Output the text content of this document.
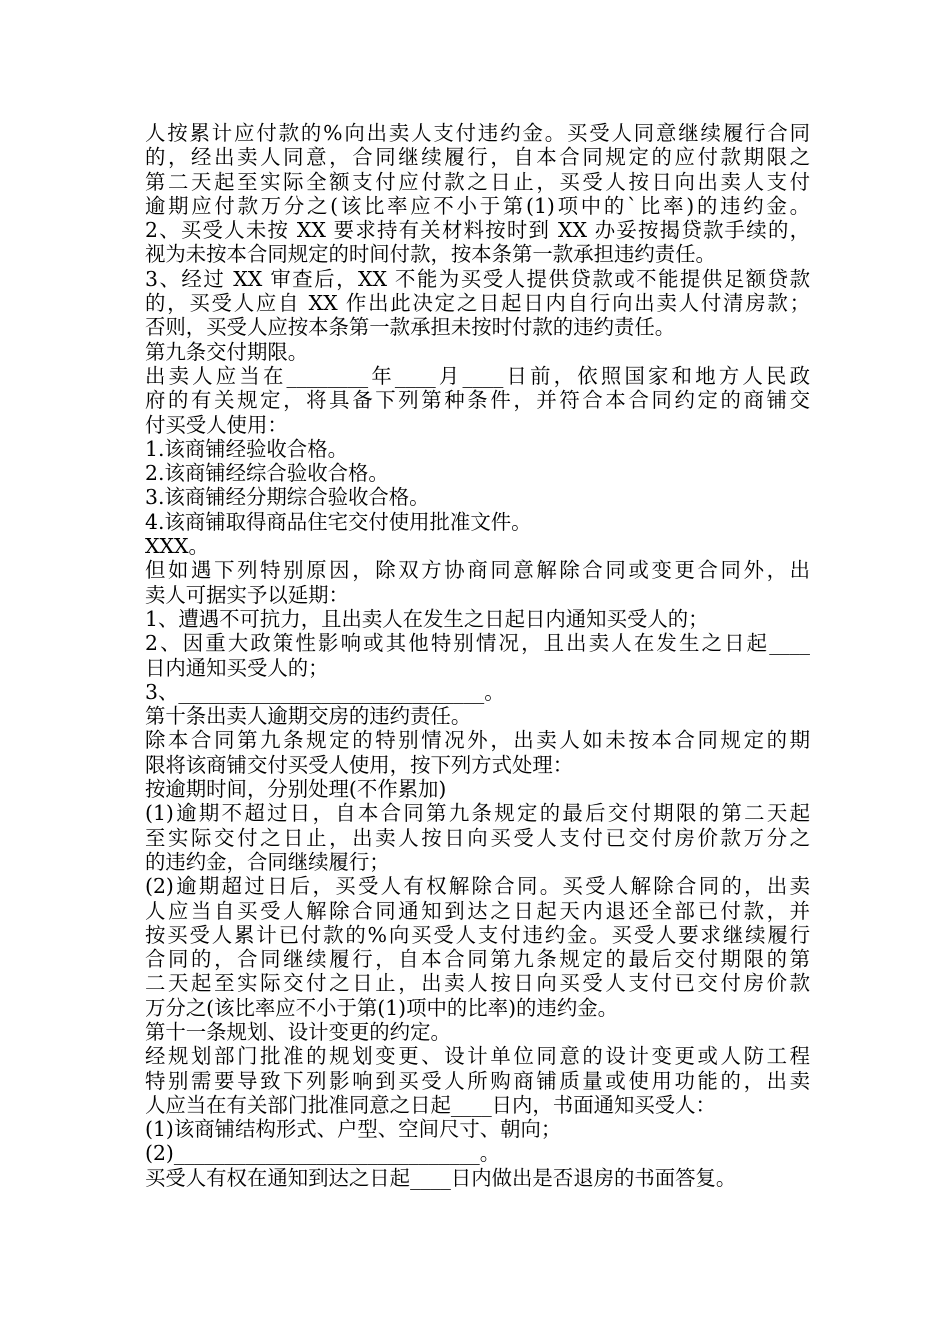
人按累计应付款的%向出卖人支付违约金。买受人同意继续履行合同
的，经出卖人同意，合同继续履行，自本合同规定的应付款期限之
第二天起至实际全额支付应付款之日止，买受人按日向出卖人支付
逾期应付款万分之(该比率应不小于第(1)项中的`比率)的违约金。
2、买受人未按 XX 要求持有关材料按时到 XX 办妥按揭贷款手续的，
视为未按本合同规定的时间付款，按本条第一款承担违约责任。
3、经过 XX 审查后，XX 不能为买受人提供贷款或不能提供足额贷款
的，买受人应自 XX 作出此决定之日起日内自行向出卖人付清房款；
否则，买受人应按本条第一款承担未按时付款的违约责任。
第九条交付期限。
出卖人应当在________年____月____日前，依照国家和地方人民政
府的有关规定，将具备下列第种条件，并符合本合同约定的商铺交
付买受人使用：
1.该商铺经验收合格。
2.该商铺经综合验收合格。
3.该商铺经分期综合验收合格。
4.该商铺取得商品住宅交付使用批准文件。
XXX。
但如遇下列特别原因，除双方协商同意解除合同或变更合同外，出
卖人可据实予以延期：
1、遭遇不可抗力，且出卖人在发生之日起日内通知买受人的；
2、因重大政策性影响或其他特别情况，且出卖人在发生之日起____
日内通知买受人的；
3、______________________________。
第十条出卖人逾期交房的违约责任。
除本合同第九条规定的特别情况外，出卖人如未按本合同规定的期
限将该商铺交付买受人使用，按下列方式处理：
按逾期时间，分别处理(不作累加)
(1)逾期不超过日，自本合同第九条规定的最后交付期限的第二天起
至实际交付之日止，出卖人按日向买受人支付已交付房价款万分之
的违约金，合同继续履行；
(2)逾期超过日后，买受人有权解除合同。买受人解除合同的，出卖
人应当自买受人解除合同通知到达之日起天内退还全部已付款，并
按买受人累计已付款的%向买受人支付违约金。买受人要求继续履行
合同的，合同继续履行，自本合同第九条规定的最后交付期限的第
二天起至实际交付之日止，出卖人按日向买受人支付已交付房价款
万分之(该比率应不小于第(1)项中的比率)的违约金。
第十一条规划、设计变更的约定。
经规划部门批准的规划变更、设计单位同意的设计变更或人防工程
特别需要导致下列影响到买受人所购商铺质量或使用功能的，出卖
人应当在有关部门批准同意之日起____日内，书面通知买受人：
(1)该商铺结构形式、户型、空间尺寸、朝向；
(2)______________________________。
买受人有权在通知到达之日起____日内做出是否退房的书面答复。
